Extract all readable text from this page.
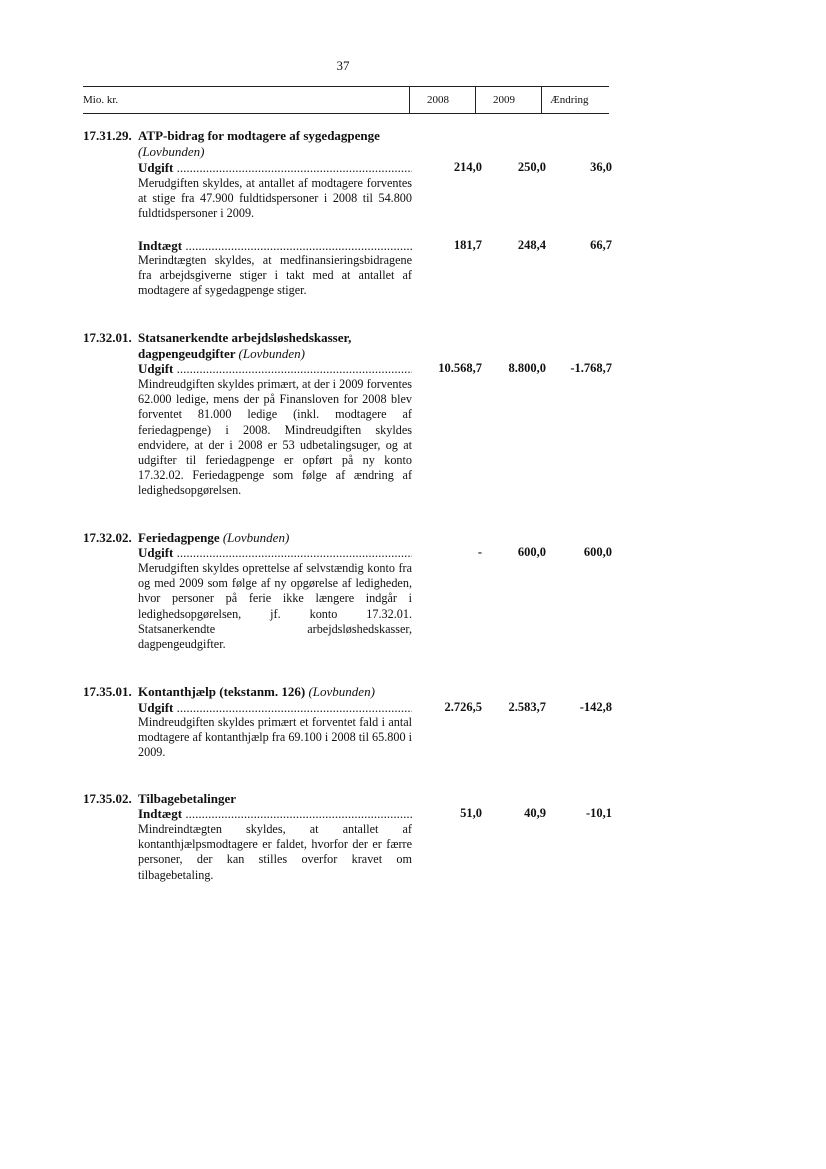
37
Mio. kr.	2008	2009	Ændring
17.31.29. ATP-bidrag for modtagere af sygedagpenge
(Lovbunden)
Udgift .....	214,0	250,0	36,0
Merudgiften skyldes, at antallet af modtagere forventes at stige fra 47.900 fuldtidspersoner i 2008 til 54.800 fuldtidspersoner i 2009.
Indtægt .....	181,7	248,4	66,7
Merindtægten skyldes, at medfinansieringsbidragene fra arbejdsgiverne stiger i takt med at antallet af modtagere af sygedagpenge stiger.
17.32.01. Statsanerkendte arbejdsløshedskasser, dagpengeudgifter (Lovbunden)
Udgift .....	10.568,7 8.800,0 -1.768,7
Mindreudgiften skyldes primært, at der i 2009 forventes 62.000 ledige, mens der på Finansloven for 2008 blev forventet 81.000 ledige (inkl. modtagere af feriedagpenge) i 2008. Mindreudgiften skyldes endvidere, at der i 2008 er 53 udbetalingsuger, og at udgifter til feriedagpenge er opført på ny konto 17.32.02. Feriedagpenge som følge af ændring af ledighedsopgørelsen.
17.32.02. Feriedagpenge (Lovbunden)
Udgift .....	-	600,0	600,0
Merudgiften skyldes oprettelse af selvstændig konto fra og med 2009 som følge af ny opgørelse af ledigheden, hvor personer på ferie ikke længere indgår i ledighedsopgørelsen, jf. konto 17.32.01. Statsanerkendte arbejdsløshedskasser, dagpengeudgifter.
17.35.01. Kontanthjælp (tekstanm. 126) (Lovbunden)
Udgift .....	2.726,5 2.583,7	-142,8
Mindreudgiften skyldes primært et forventet fald i antal modtagere af kontanthjælp fra 69.100 i 2008 til 65.800 i 2009.
17.35.02. Tilbagebetalinger
Indtægt .....	51,0	40,9	-10,1
Mindreindtægten skyldes, at antallet af kontanthjælpsmodtagere er faldet, hvorfor der er færre personer, der kan stilles overfor kravet om tilbagebetaling.
